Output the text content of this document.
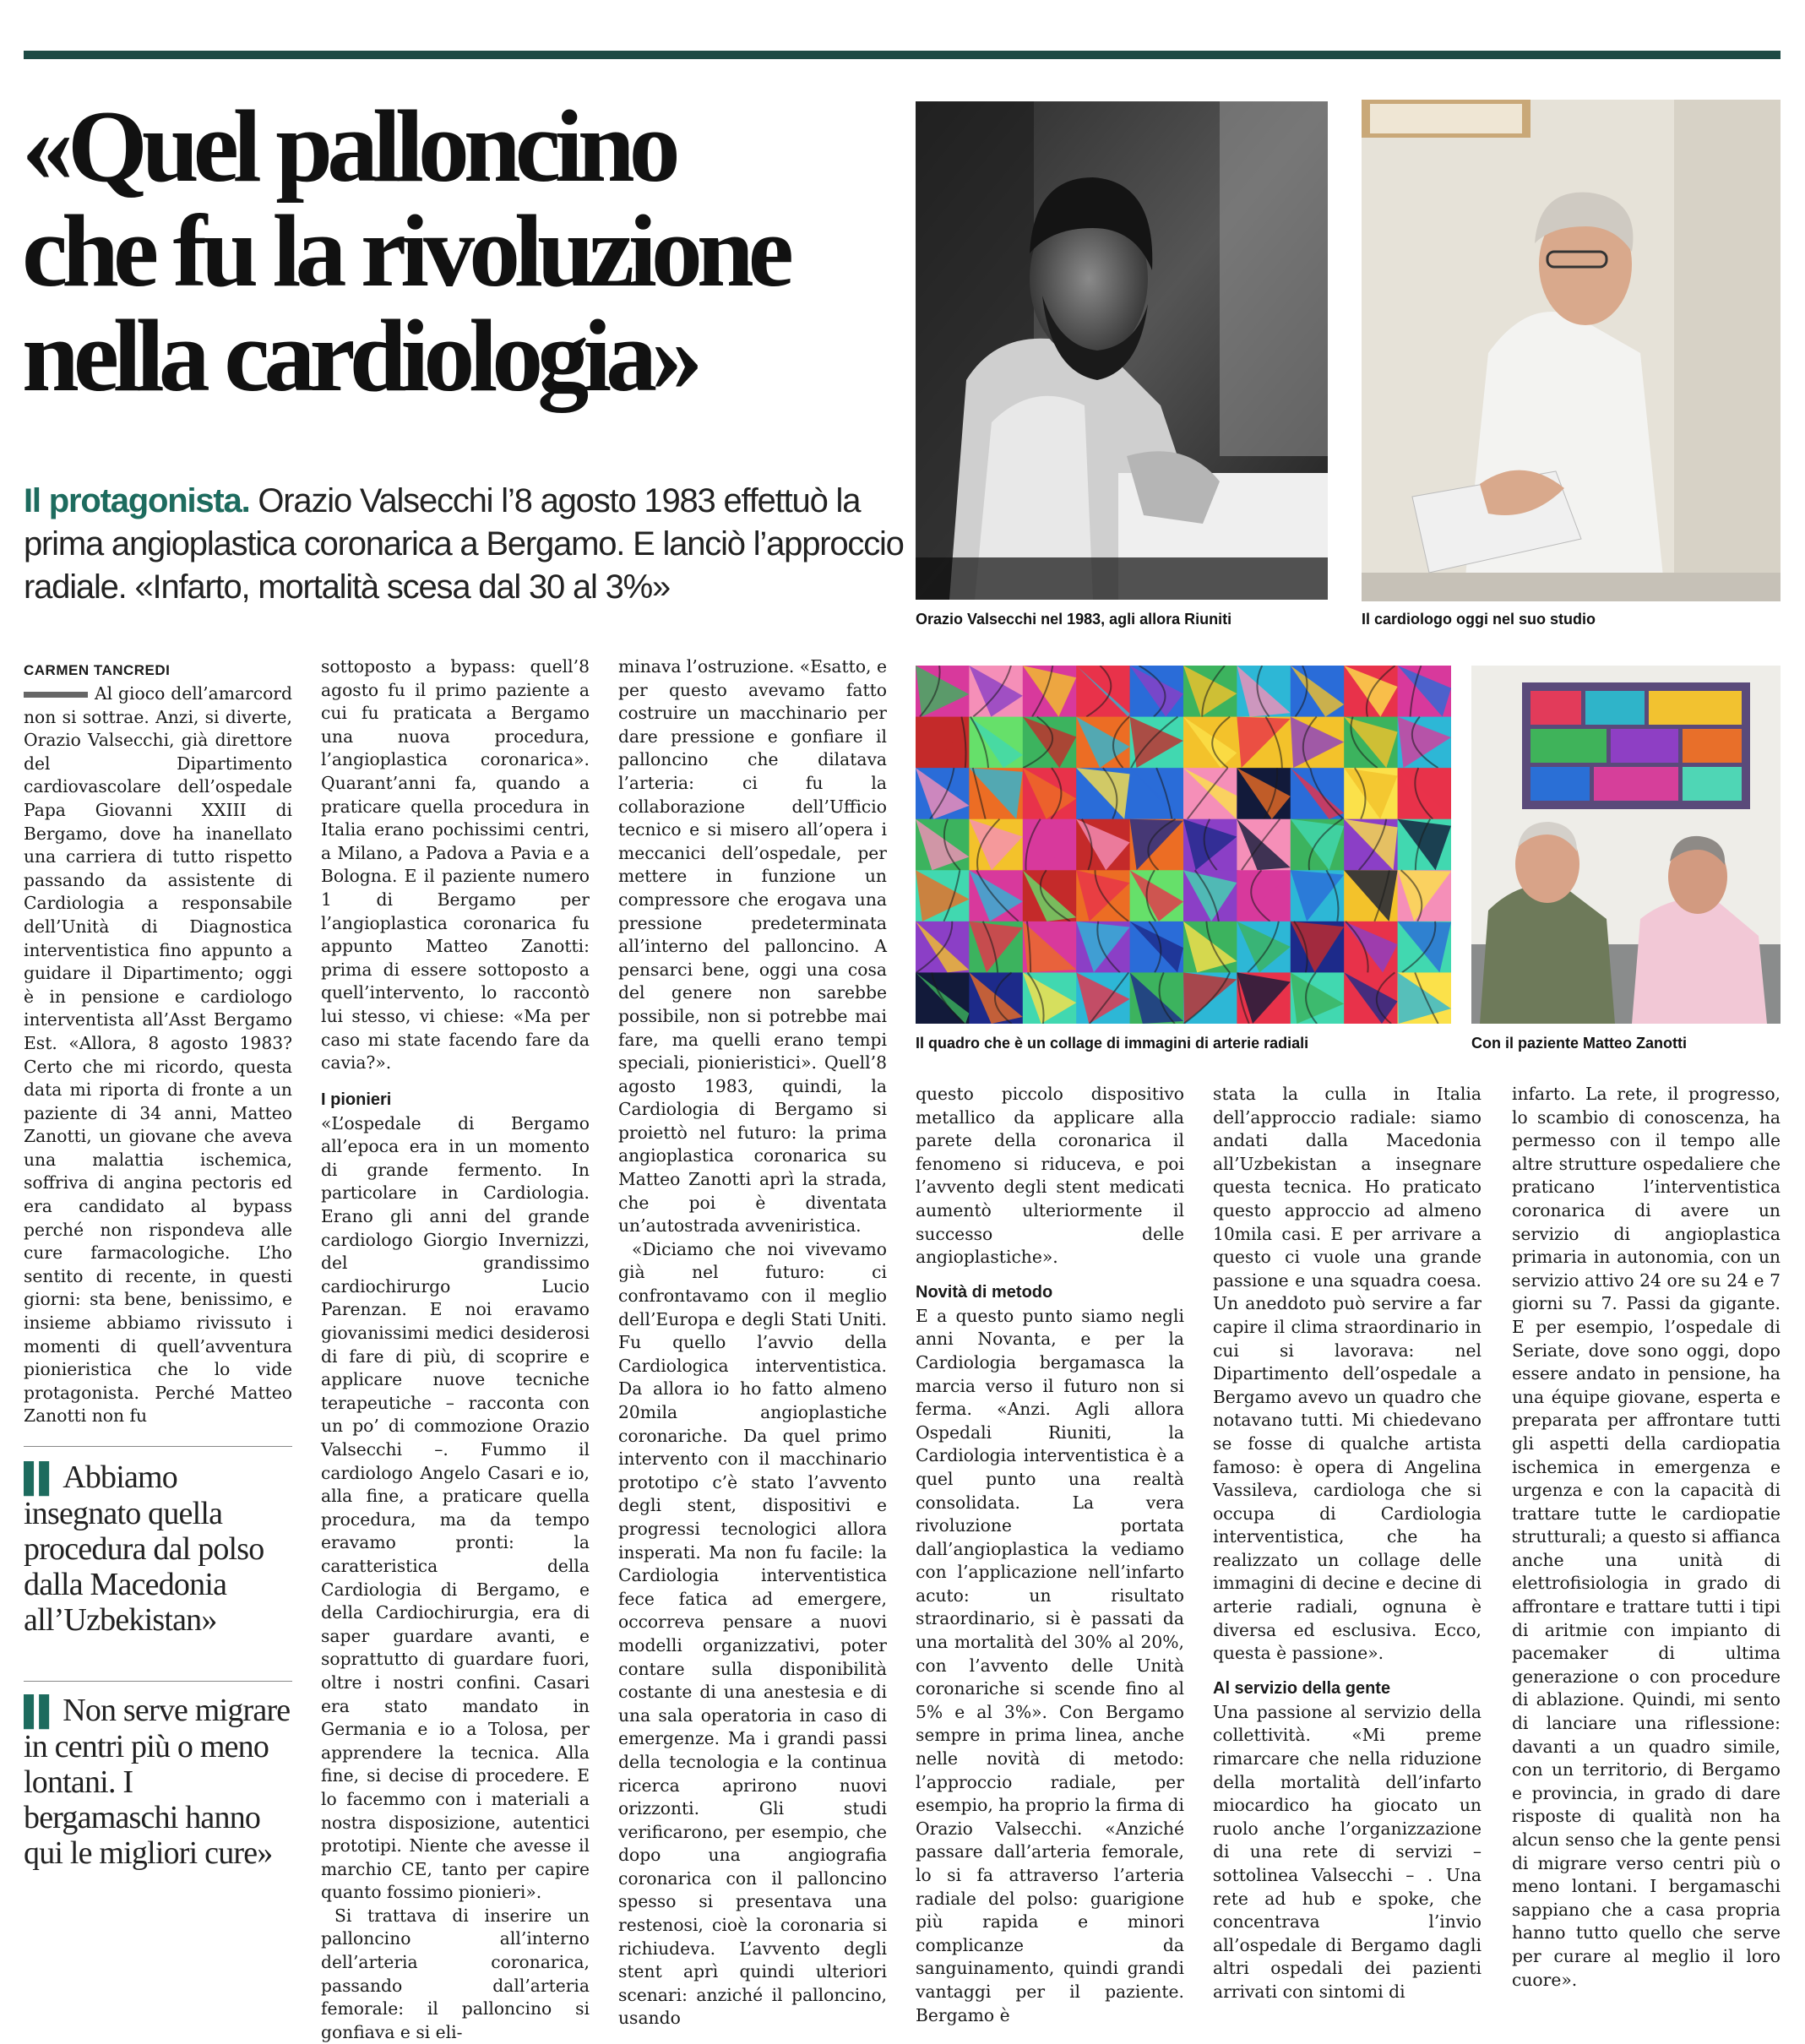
«Quel palloncino
che fu la rivoluzione
nella cardiologia»
Il protagonista. Orazio Valsecchi l’8 agosto 1983 effettuò la prima angioplastica coronarica a Bergamo. E lanciò l’approccio radiale. «Infarto, mortalità scesa dal 30 al 3%»
Orazio Valsecchi nel 1983, agli allora Riuniti	Il cardiologo oggi nel suo studio
Il quadro che è un collage di immagini di arterie radiali	Con il paziente Matteo Zanotti
CARMEN TANCREDI

Al gioco dell’amarcord non si sottrae. Anzi, si diverte, Orazio Valsecchi, già direttore del Dipartimento cardiovascolare dell’ospedale Papa Giovanni XXIII di Bergamo, dove ha inanellato una carriera di tutto rispetto passando da assistente di Cardiologia a responsabile dell’Unità di Diagnostica interventistica fino appunto a guidare il Dipartimento; oggi è in pensione e cardiologo interventista all’Asst Bergamo Est. «Allora, 8 agosto 1983? Certo che mi ricordo, questa data mi riporta di fronte a un paziente di 34 anni, Matteo Zanotti, un giovane che aveva una malattia ischemica, soffriva di angina pectoris ed era candidato al bypass perché non rispondeva alle cure farmacologiche. L’ho sentito di recente, in questi giorni: sta bene, benissimo, e insieme abbiamo rivissuto i momenti di quell’avventura pionieristica che lo vide protagonista. Perché Matteo Zanotti non fu

▌▌ Abbiamo insegnato quella procedura dal polso dalla Macedonia all’Uzbekistan»
▌▌ Non serve migrare in centri più o meno lontani. I bergamaschi hanno qui le migliori cure»

sottoposto a bypass: quell’8 agosto fu il primo paziente a cui fu praticata a Bergamo una nuova procedura, l’angioplastica coronarica». Quarant’anni fa, quando a praticare quella procedura in Italia erano pochissimi centri, a Milano, a Padova a Pavia e a Bologna. E il paziente numero 1 di Bergamo per l’angioplastica coronarica fu appunto Matteo Zanotti: prima di essere sottoposto a quell’intervento, lo raccontò lui stesso, vi chiese: «Ma per caso mi state facendo fare da cavia?».

I pionieri

«L’ospedale di Bergamo all’epoca era in un momento di grande fermento. In particolare in Cardiologia. Erano gli anni del grande cardiologo Giorgio Invernizzi, del grandissimo cardiochirurgo Lucio Parenzan. E noi eravamo giovanissimi medici desiderosi di fare di più, di scoprire e applicare nuove tecniche terapeutiche – racconta con un po’ di commozione Orazio Valsecchi –. Fummo il cardiologo Angelo Casari e io, alla fine, a praticare quella procedura, ma da tempo eravamo pronti: la caratteristica della Cardiologia di Bergamo, e della Cardiochirurgia, era di saper guardare avanti, e soprattutto di guardare fuori, oltre i nostri confini. Casari era stato mandato in Germania e io a Tolosa, per apprendere la tecnica. Alla fine, si decise di procedere. E lo facemmo con i materiali a nostra disposizione, autentici prototipi. Niente che avesse il marchio CE, tanto per capire quanto fossimo pionieri».

Si trattava di inserire un palloncino all’interno dell’arteria coronarica, passando dall’arteria femorale: il palloncino si gonfiava e si eli-

minava l’ostruzione. «Esatto, e per questo avevamo fatto costruire un macchinario per dare pressione e gonfiare il palloncino che dilatava l’arteria: ci fu la collaborazione dell’Ufficio tecnico e si misero all’opera i meccanici dell’ospedale, per mettere in funzione un compressore che erogava una pressione predeterminata all’interno del palloncino. A pensarci bene, oggi una cosa del genere non sarebbe possibile, non si potrebbe mai fare, ma quelli erano tempi speciali, pionieristici». Quell’8 agosto 1983, quindi, la Cardiologia di Bergamo si proiettò nel futuro: la prima angioplastica coronarica su Matteo Zanotti aprì la strada, che poi è diventata un’autostrada avveniristica.

«Diciamo che noi vivevamo già nel futuro: ci confrontavamo con il meglio dell’Europa e degli Stati Uniti. Fu quello l’avvio della Cardiologica interventistica. Da allora io ho fatto almeno 20mila angioplastiche coronariche. Da quel primo intervento con il macchinario prototipo c’è stato l’avvento degli stent, dispositivi e progressi tecnologici allora insperati. Ma non fu facile: la Cardiologia interventistica fece fatica ad emergere, occorreva pensare a nuovi modelli organizzativi, poter contare sulla disponibilità costante di una anestesia e di una sala operatoria in caso di emergenze. Ma i grandi passi della tecnologia e la continua ricerca aprirono nuovi orizzonti. Gli studi verificarono, per esempio, che dopo una angiografia coronarica con il palloncino spesso si presentava una restenosi, cioè la coronaria si richiudeva. L’avvento degli stent aprì quindi ulteriori scenari: anziché il palloncino, usando

questo piccolo dispositivo metallico da applicare alla parete della coronarica il fenomeno si riduceva, e poi l’avvento degli stent medicati aumentò ulteriormente il successo delle angioplastiche».

Novità di metodo

E a questo punto siamo negli anni Novanta, e per la Cardiologia bergamasca la marcia verso il futuro non si ferma. «Anzi. Agli allora Ospedali Riuniti, la Cardiologia interventistica è a quel punto una realtà consolidata. La vera rivoluzione portata dall’angioplastica la vediamo con l’applicazione nell’infarto acuto: un risultato straordinario, si è passati da una mortalità del 30% al 20%, con l’avvento delle Unità coronariche si scende fino al 5% e al 3%». Con Bergamo sempre in prima linea, anche nelle novità di metodo: l’approccio radiale, per esempio, ha proprio la firma di Orazio Valsecchi. «Anziché passare dall’arteria femorale, lo si fa attraverso l’arteria radiale del polso: guarigione più rapida e minori complicanze da sanguinamento, quindi grandi vantaggi per il paziente. Bergamo è

stata la culla in Italia dell’approccio radiale: siamo andati dalla Macedonia all’Uzbekistan a insegnare questa tecnica. Ho praticato questo approccio ad almeno 10mila casi. E per arrivare a questo ci vuole una grande passione e una squadra coesa. Un aneddoto può servire a far capire il clima straordinario in cui si lavorava: nel Dipartimento dell’ospedale a Bergamo avevo un quadro che notavano tutti. Mi chiedevano se fosse di qualche artista famoso: è opera di Angelina Vassileva, cardiologa che si occupa di Cardiologia interventistica, che ha realizzato un collage delle immagini di decine e decine di arterie radiali, ognuna è diversa ed esclusiva. Ecco, questa è passione».

Al servizio della gente

Una passione al servizio della collettività. «Mi preme rimarcare che nella riduzione della mortalità dell’infarto miocardico ha giocato un ruolo anche l’organizzazione di una rete di servizi – sottolinea Valsecchi – . Una rete ad hub e spoke, che concentrava l’invio all’ospedale di Bergamo dagli altri ospedali dei pazienti arrivati con sintomi di

infarto. La rete, il progresso, lo scambio di conoscenza, ha permesso con il tempo alle altre strutture ospedaliere che praticano l’interventistica coronarica di avere un servizio di angioplastica primaria in autonomia, con un servizio attivo 24 ore su 24 e 7 giorni su 7. Passi da gigante. E per esempio, l’ospedale di Seriate, dove sono oggi, dopo essere andato in pensione, ha una équipe giovane, esperta e preparata per affrontare tutti gli aspetti della cardiopatia ischemica in emergenza e urgenza e con la capacità di trattare tutte le cardiopatie strutturali; a questo si affianca anche una unità di elettrofisiologia in grado di affrontare e trattare tutti i tipi di aritmie con impianto di pacemaker di ultima generazione o con procedure di ablazione. Quindi, mi sento di lanciare una riflessione: davanti a un quadro simile, con un territorio, di Bergamo e provincia, in grado di dare risposte di qualità non ha alcun senso che la gente pensi di migrare verso centri più o meno lontani. I bergamaschi sappiano che a casa propria hanno tutto quello che serve per curare al meglio il loro cuore».
